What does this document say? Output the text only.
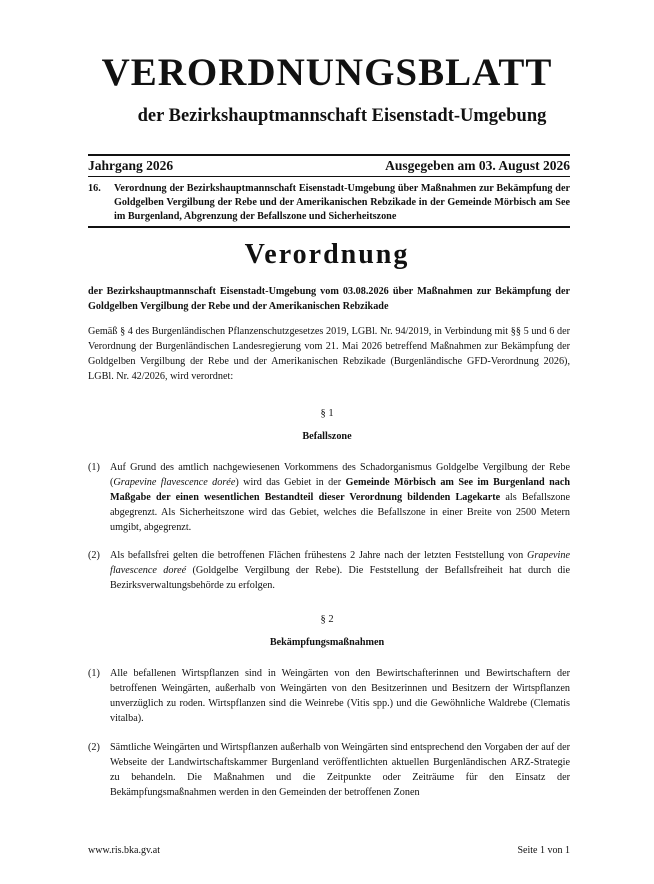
VERORDNUNGSBLATT
der Bezirkshauptmannschaft Eisenstadt-Umgebung
Jahrgang 2026	Ausgegeben am 03. August 2026
16. Verordnung der Bezirkshauptmannschaft Eisenstadt-Umgebung über Maßnahmen zur Bekämpfung der Goldgelben Vergilbung der Rebe und der Amerikanischen Rebzikade in der Gemeinde Mörbisch am See im Burgenland, Abgrenzung der Befallszone und Sicherheitszone
Verordnung
der Bezirkshauptmannschaft Eisenstadt-Umgebung vom 03.08.2026 über Maßnahmen zur Bekämpfung der Goldgelben Vergilbung der Rebe und der Amerikanischen Rebzikade
Gemäß § 4 des Burgenländischen Pflanzenschutzgesetzes 2019, LGBl. Nr. 94/2019, in Verbindung mit §§ 5 und 6 der Verordnung der Burgenländischen Landesregierung vom 21. Mai 2026 betreffend Maßnahmen zur Bekämpfung der Goldgelben Vergilbung der Rebe und der Amerikanischen Rebzikade (Burgenländische GFD-Verordnung 2026), LGBl. Nr. 42/2026, wird verordnet:
§ 1
Befallszone
(1) Auf Grund des amtlich nachgewiesenen Vorkommens des Schadorganismus Goldgelbe Vergilbung der Rebe (Grapevine flavescence dorée) wird das Gebiet in der Gemeinde Mörbisch am See im Burgenland nach Maßgabe der einen wesentlichen Bestandteil dieser Verordnung bildenden Lagekarte als Befallszone abgegrenzt. Als Sicherheitszone wird das Gebiet, welches die Befallszone in einer Breite von 2500 Metern umgibt, abgegrenzt.
(2) Als befallsfrei gelten die betroffenen Flächen frühestens 2 Jahre nach der letzten Feststellung von Grapevine flavescence doreé (Goldgelbe Vergilbung der Rebe). Die Feststellung der Befallsfreiheit hat durch die Bezirksverwaltungsbehörde zu erfolgen.
§ 2
Bekämpfungsmaßnahmen
(1) Alle befallenen Wirtspflanzen sind in Weingärten von den Bewirtschafterinnen und Bewirtschaftern der betroffenen Weingärten, außerhalb von Weingärten von den Besitzerinnen und Besitzern der Wirtspflanzen unverzüglich zu roden. Wirtspflanzen sind die Weinrebe (Vitis spp.) und die Gewöhnliche Waldrebe (Clematis vitalba).
(2) Sämtliche Weingärten und Wirtspflanzen außerhalb von Weingärten sind entsprechend den Vorgaben der auf der Webseite der Landwirtschaftskammer Burgenland veröffentlichten aktuellen Burgenländischen ARZ-Strategie zu behandeln. Die Maßnahmen und die Zeitpunkte oder Zeiträume für den Einsatz der Bekämpfungsmaßnahmen werden in den Gemeinden der betroffenen Zonen
www.ris.bka.gv.at	Seite 1 von 1
